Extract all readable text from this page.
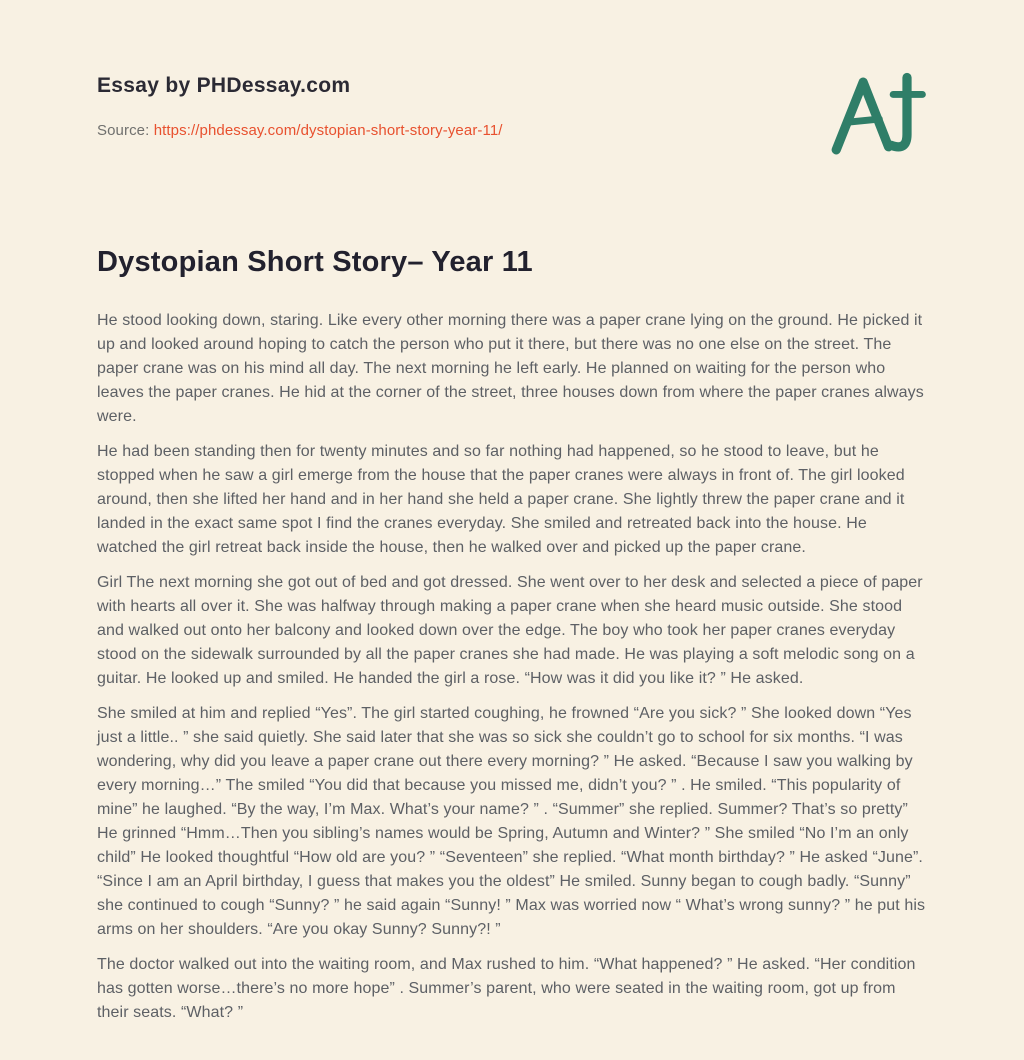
Essay by PHDessay.com
Source: https://phdessay.com/dystopian-short-story-year-11/
Dystopian Short Story– Year 11

He stood looking down, staring. Like every other morning there was a paper crane lying on the ground. He picked it up and looked around hoping to catch the person who put it there, but there was no one else on the street. The paper crane was on his mind all day. The next morning he left early. He planned on waiting for the person who leaves the paper cranes. He hid at the corner of the street, three houses down from where the paper cranes always were.

He had been standing then for twenty minutes and so far nothing had happened, so he stood to leave, but he stopped when he saw a girl emerge from the house that the paper cranes were always in front of. The girl looked around, then she lifted her hand and in her hand she held a paper crane. She lightly threw the paper crane and it landed in the exact same spot I find the cranes everyday. She smiled and retreated back into the house. He watched the girl retreat back inside the house, then he walked over and picked up the paper crane.

Girl The next morning she got out of bed and got dressed. She went over to her desk and selected a piece of paper with hearts all over it. She was halfway through making a paper crane when she heard music outside. She stood and walked out onto her balcony and looked down over the edge. The boy who took her paper cranes everyday stood on the sidewalk surrounded by all the paper cranes she had made. He was playing a soft melodic song on a guitar. He looked up and smiled. He handed the girl a rose. “How was it did you like it? ” He asked.

She smiled at him and replied “Yes”. The girl started coughing, he frowned “Are you sick? ” She looked down “Yes just a little.. ” she said quietly. She said later that she was so sick she couldn’t go to school for six months. “I was wondering, why did you leave a paper crane out there every morning? ” He asked. “Because I saw you walking by every morning…” The smiled “You did that because you missed me, didn’t you? ” . He smiled. “This popularity of mine” he laughed. “By the way, I’m Max. What’s your name? ” . “Summer” she replied. Summer? That’s so pretty” He grinned “Hmm…Then you sibling’s names would be Spring, Autumn and Winter? ” She smiled “No I’m an only child” He looked thoughtful “How old are you? ” “Seventeen” she replied. “What month birthday? ” He asked “June”. “Since I am an April birthday, I guess that makes you the oldest” He smiled. Sunny began to cough badly. “Sunny” she continued to cough “Sunny? ” he said again “Sunny! ” Max was worried now “ What’s wrong sunny? ” he put his arms on her shoulders. “Are you okay Sunny? Sunny?! ”

The doctor walked out into the waiting room, and Max rushed to him. “What happened? ” He asked. “Her condition has gotten worse…there’s no more hope” . Summer’s parent, who were seated in the waiting room, got up from their seats. “What? ”
